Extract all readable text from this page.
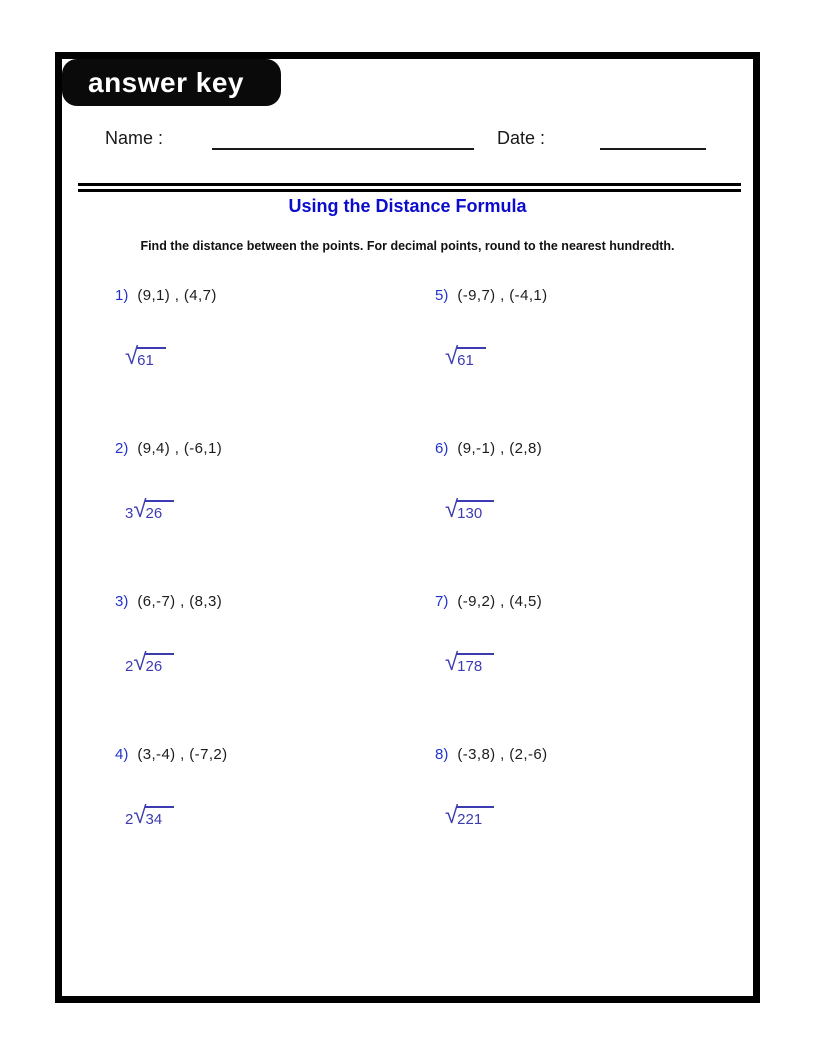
answer key
Name :	Date :
Using the Distance Formula
Find the distance between the points. For decimal points, round to the nearest hundredth.
1) (9,1) , (4,7)
√ 61
5) (-9,7) , (-4,1)
√ 61
2) (9,4) , (-6,1)
3 √ 26
6) (9,-1) , (2,8)
√ 130
3) (6,-7) , (8,3)
2 √ 26
7) (-9,2) , (4,5)
√ 178
4) (3,-4) , (-7,2)
2 √ 34
8) (-3,8) , (2,-6)
√ 221
